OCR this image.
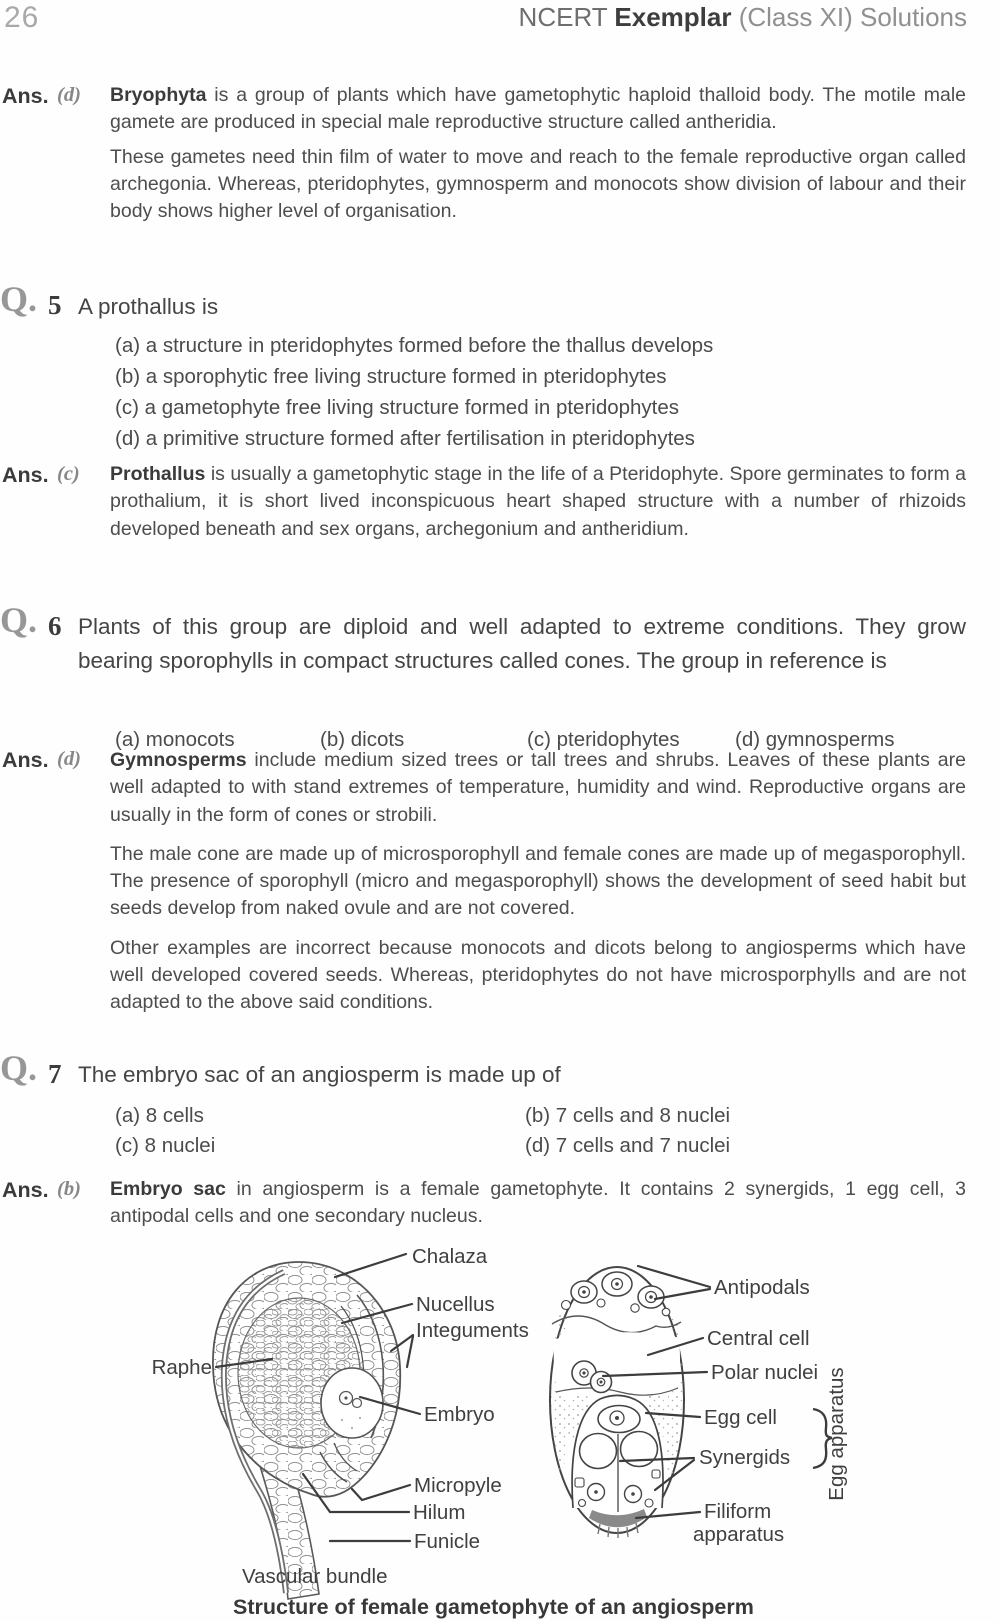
26	NCERT Exemplar (Class XI) Solutions
Ans. (d) Bryophyta is a group of plants which have gametophytic haploid thalloid body. The motile male gamete are produced in special male reproductive structure called antheridia.

These gametes need thin film of water to move and reach to the female reproductive organ called archegonia. Whereas, pteridophytes, gymnosperm and monocots show division of labour and their body shows higher level of organisation.

Q. 5 A prothallus is
(a) a structure in pteridophytes formed before the thallus develops
(b) a sporophytic free living structure formed in pteridophytes
(c) a gametophyte free living structure formed in pteridophytes
(d) a primitive structure formed after fertilisation in pteridophytes
Ans. (c) Prothallus is usually a gametophytic stage in the life of a Pteridophyte. Spore germinates to form a prothalium, it is short lived inconspicuous heart shaped structure with a number of rhizoids developed beneath and sex organs, archegonium and antheridium.

Q. 6 Plants of this group are diploid and well adapted to extreme conditions. They grow bearing sporophylls in compact structures called cones. The group in reference is
(a) monocots	(b) dicots	(c) pteridophytes	(d) gymnosperms
Ans. (d) Gymnosperms include medium sized trees or tall trees and shrubs. Leaves of these plants are well adapted to with stand extremes of temperature, humidity and wind. Reproductive organs are usually in the form of cones or strobili.

The male cone are made up of microsporophyll and female cones are made up of megasporophyll. The presence of sporophyll (micro and megasporophyll) shows the development of seed habit but seeds develop from naked ovule and are not covered.

Other examples are incorrect because monocots and dicots belong to angiosperms which have well developed covered seeds. Whereas, pteridophytes do not have microsporphylls and are not adapted to the above said conditions.

Q. 7 The embryo sac of an angiosperm is made up of
(a) 8 cells	(b) 7 cells and 8 nuclei
(c) 8 nuclei	(d) 7 cells and 7 nuclei
Ans. (b) Embryo sac in angiosperm is a female gametophyte. It contains 2 synergids, 1 egg cell, 3 antipodal cells and one secondary nucleus.

Chalaza
Nucellus
Integuments
Raphe
Embryo
Micropyle
Hilum
Funicle
Vascular bundle
Antipodals
Central cell
Polar nuclei
Egg cell
Synergids
Filiform
apparatus
Egg apparatus
Structure of female gametophyte of an angiosperm
